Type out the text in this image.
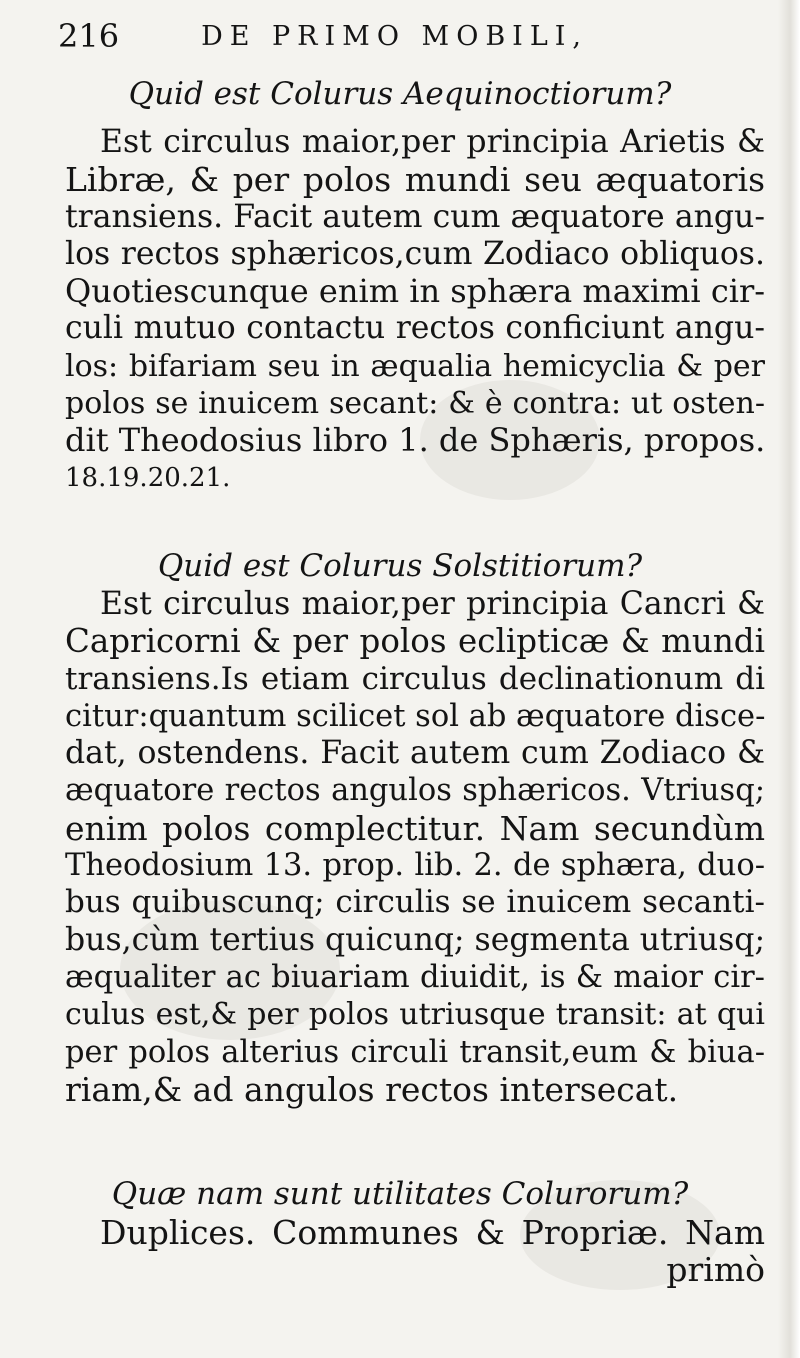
216	DE PRIMO MOBILI,
Quid est Colurus Aequinoctiorum?
Est circulus maior,per principia Arietis &
Libræ, & per polos mundi seu æquatoris
transiens. Facit autem cum æquatore angu-
los rectos sphæricos,cum Zodiaco obliquos.
Quotiescunque enim in sphæra maximi cir-
culi mutuo contactu rectos conficiunt angu-
los: bifariam seu in æqualia hemicyclia & per
polos se inuicem secant: & è contra: ut osten-
dit Theodosius libro 1. de Sphæris, propos.
18.19.20.21.
Quid est Colurus Solstitiorum?
Est circulus maior,per principia Cancri &
Capricorni & per polos eclipticæ & mundi
transiens.Is etiam circulus declinationum di
citur:quantum scilicet sol ab æquatore disce-
dat, ostendens. Facit autem cum Zodiaco &
æquatore rectos angulos sphæricos. Vtriusq;
enim polos complectitur. Nam secundùm
Theodosium 13. prop. lib. 2. de sphæra, duo-
bus quibuscunq; circulis se inuicem secanti-
bus,cùm tertius quicunq; segmenta utriusq;
æqualiter ac biuariam diuidit, is & maior cir-
culus est,& per polos utriusque transit: at qui
per polos alterius circuli transit,eum & biua-
riam,& ad angulos rectos intersecat.
Quæ nam sunt utilitates Colurorum?
Duplices. Communes & Propriæ. Nam
primò
